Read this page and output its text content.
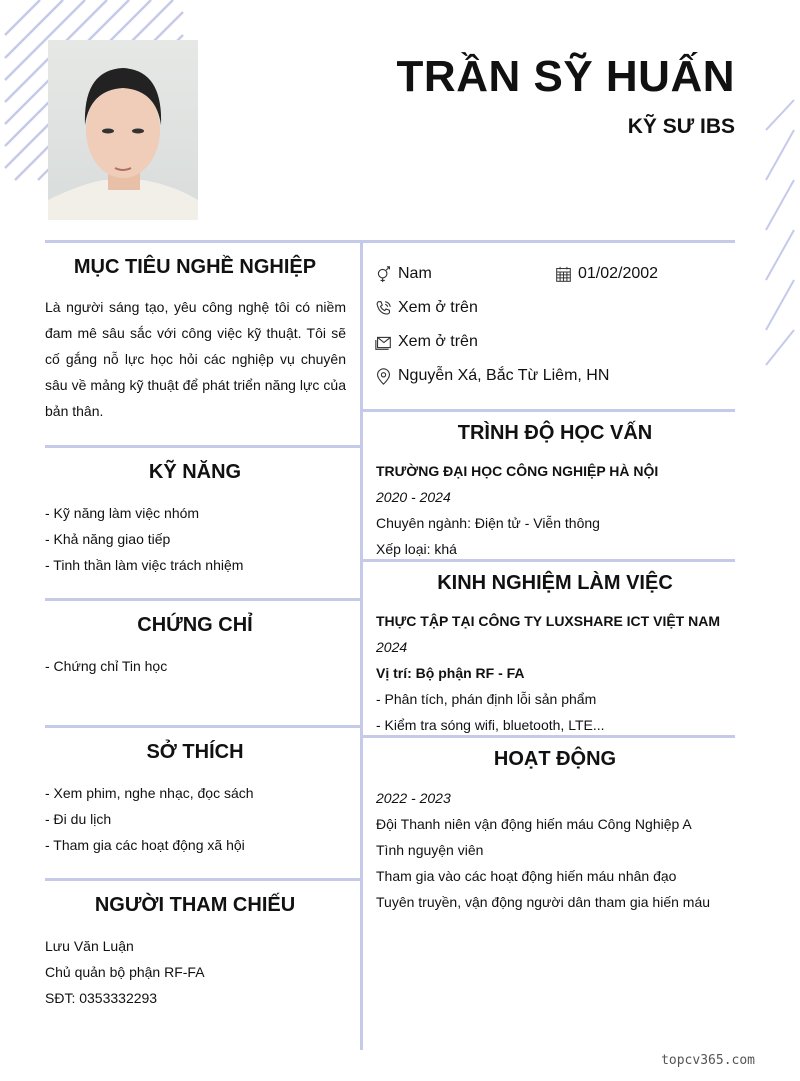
TRẦN SỸ HUẤN
KỸ SƯ IBS
MỤC TIÊU NGHỀ NGHIỆP
Là người sáng tạo, yêu công nghệ tôi có niềm đam mê sâu sắc với công việc kỹ thuật. Tôi sẽ cố gắng nỗ lực học hỏi các nghiệp vụ chuyên sâu về mảng kỹ thuật để phát triển năng lực của bản thân.
KỸ NĂNG
- Kỹ năng làm việc nhóm
- Khả năng giao tiếp
- Tinh thần làm việc trách nhiệm
CHỨNG CHỈ
- Chứng chỉ Tin học
SỞ THÍCH
- Xem phim, nghe nhạc, đọc sách
- Đi du lịch
- Tham gia các hoạt động xã hội
NGƯỜI THAM CHIẾU
Lưu Văn Luận
Chủ quản bộ phận RF-FA
SĐT: 0353332293
Nam	01/02/2002
Xem ở trên
Xem ở trên
Nguyễn Xá, Bắc Từ Liêm, HN
TRÌNH ĐỘ HỌC VẤN
TRƯỜNG ĐẠI HỌC CÔNG NGHIỆP HÀ NỘI
2020 - 2024
Chuyên ngành: Điện tử - Viễn thông
Xếp loại: khá
KINH NGHIỆM LÀM VIỆC
THỰC TẬP TẠI CÔNG TY LUXSHARE ICT VIỆT NAM
2024
Vị trí: Bộ phận RF - FA
- Phân tích, phán định lỗi sản phẩm
- Kiểm tra sóng wifi, bluetooth, LTE...
HOẠT ĐỘNG
2022 - 2023
Đội Thanh niên vận động hiến máu Công Nghiệp A
Tình nguyện viên
Tham gia vào các hoạt động hiến máu nhân đạo
Tuyên truyền, vận động người dân tham gia hiến máu
topcv365.com
